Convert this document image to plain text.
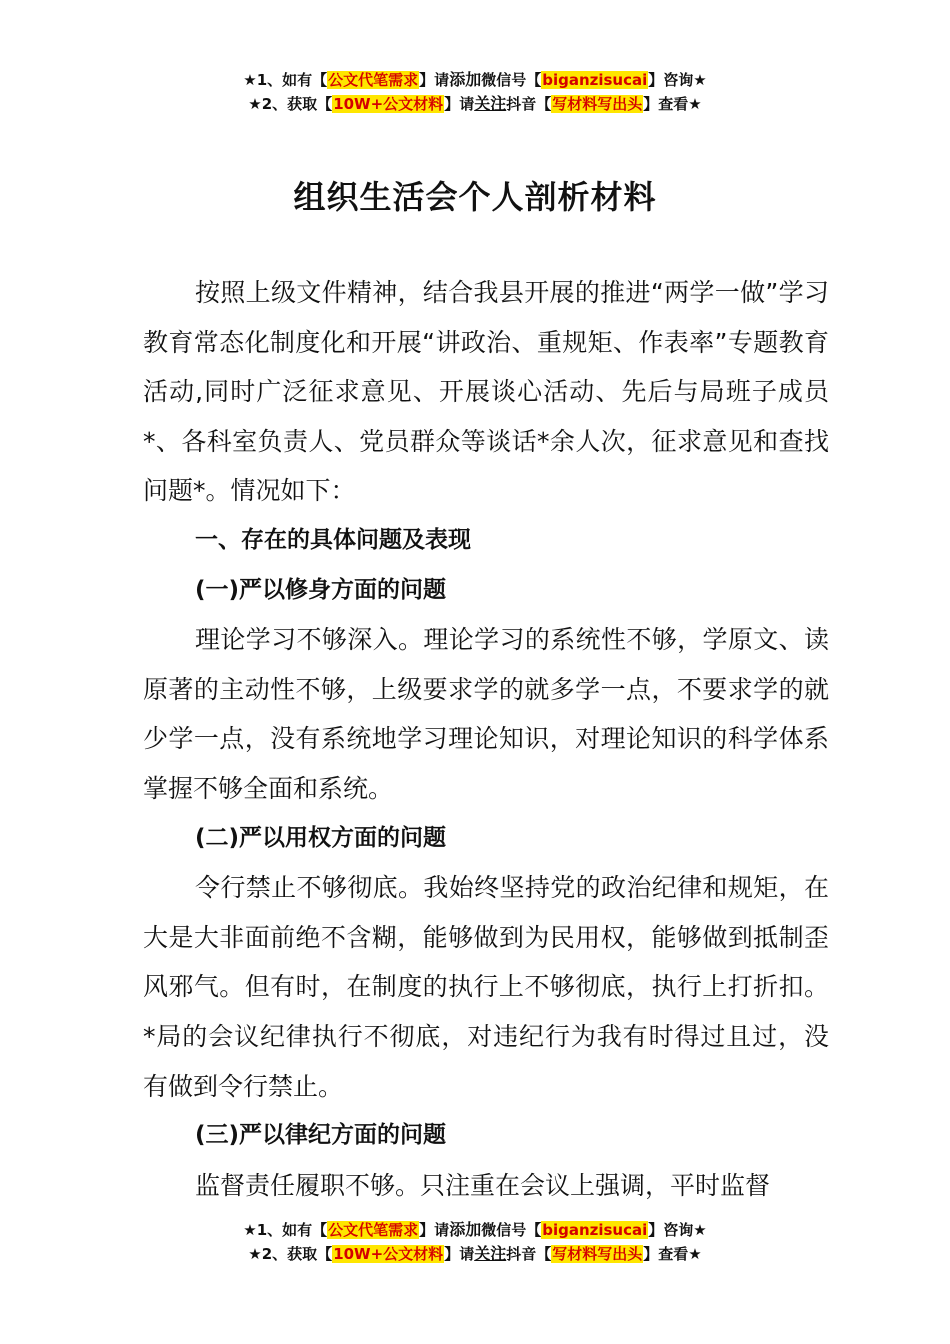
★1、如有【公文代笔需求】请添加微信号【biganzisucai】咨询★
★2、获取【10W+公文材料】请关注抖音【写材料写出头】查看★
组织生活会个人剖析材料

按照上级文件精神，结合我县开展的推进“两学一做”学习教育常态化制度化和开展“讲政治、重规矩、作表率”专题教育活动,同时广泛征求意见、开展谈心活动、先后与局班子成员*、各科室负责人、党员群众等谈话*余人次，征求意见和查找问题*。情况如下：

一、存在的具体问题及表现

(一)严以修身方面的问题

理论学习不够深入。理论学习的系统性不够，学原文、读原著的主动性不够，上级要求学的就多学一点，不要求学的就少学一点，没有系统地学习理论知识，对理论知识的科学体系掌握不够全面和系统。

(二)严以用权方面的问题

令行禁止不够彻底。我始终坚持党的政治纪律和规矩，在大是大非面前绝不含糊，能够做到为民用权，能够做到抵制歪风邪气。但有时，在制度的执行上不够彻底，执行上打折扣。*局的会议纪律执行不彻底，对违纪行为我有时得过且过，没有做到令行禁止。

(三)严以律纪方面的问题

监督责任履职不够。只注重在会议上强调，平时监督

★1、如有【公文代笔需求】请添加微信号【biganzisucai】咨询★
★2、获取【10W+公文材料】请关注抖音【写材料写出头】查看★
